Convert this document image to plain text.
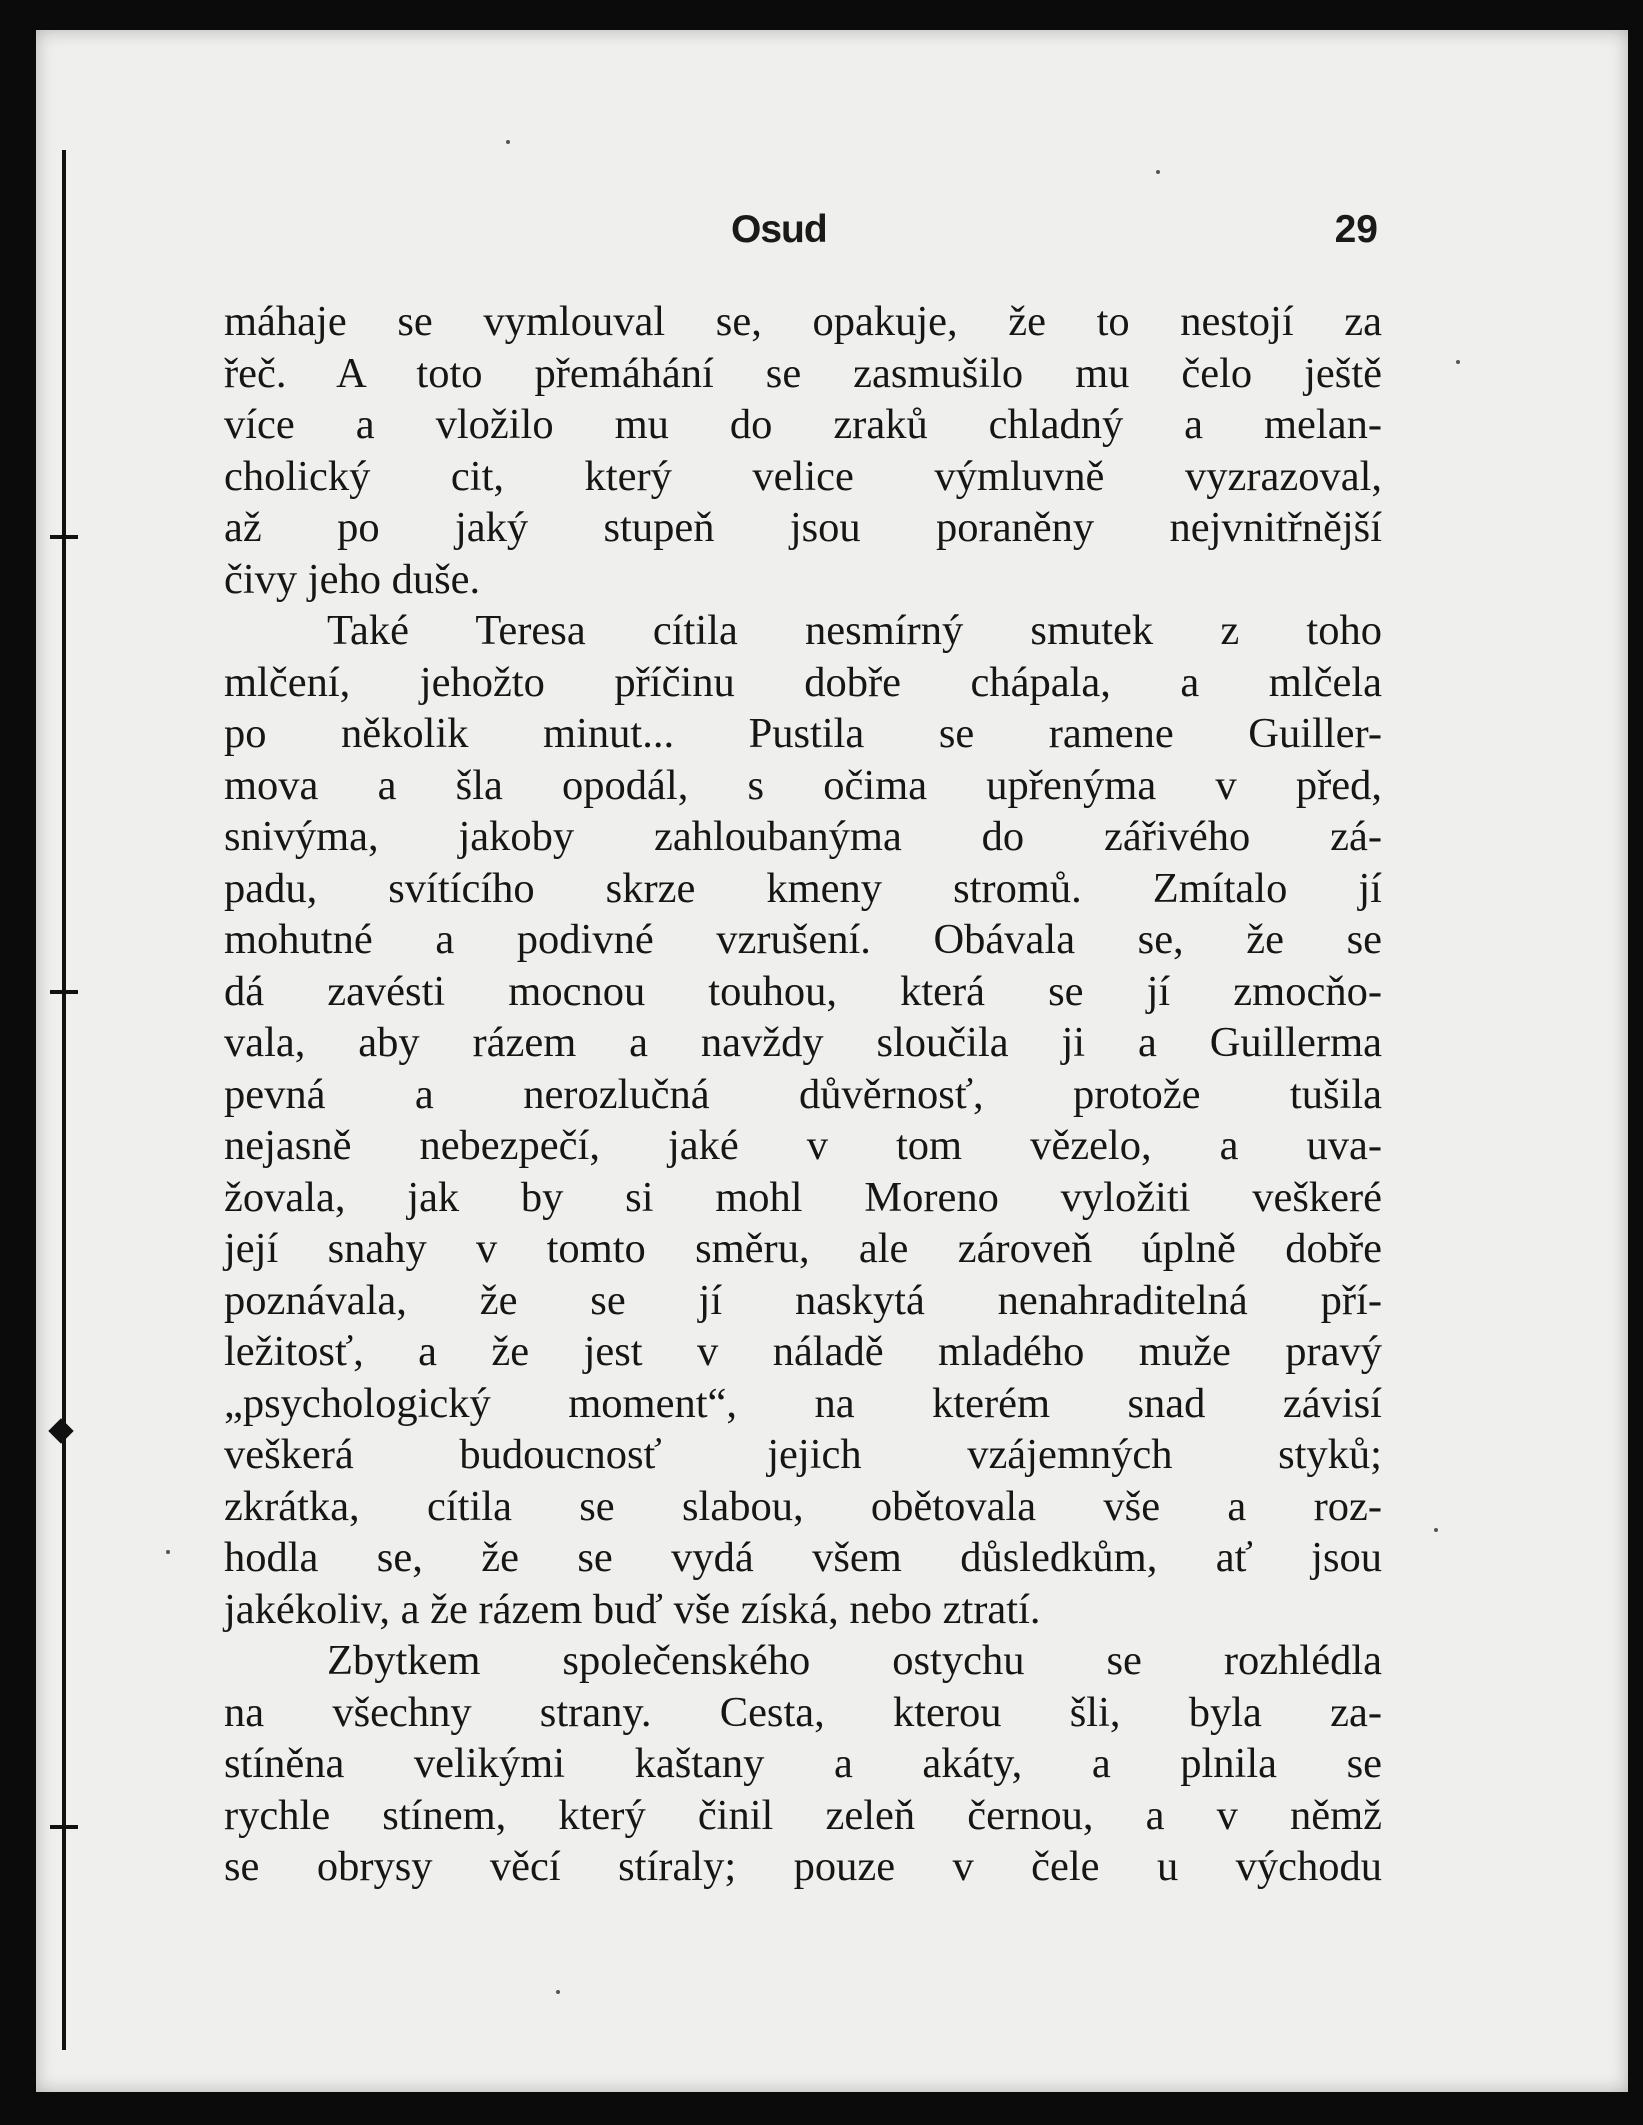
Osud	29
máhaje se vymlouval se, opakuje, že to nestojí za
řeč. A toto přemáhání se zasmušilo mu čelo ještě
více a vložilo mu do zraků chladný a melan-
cholický cit, který velice výmluvně vyzrazoval,
až po jaký stupeň jsou poraněny nejvnitřnější
čivy jeho duše.
Také Teresa cítila nesmírný smutek z toho
mlčení, jehožto příčinu dobře chápala, a mlčela
po několik minut... Pustila se ramene Guiller-
mova a šla opodál, s očima upřenýma v před,
snivýma, jakoby zahloubanýma do zářivého zá-
padu, svítícího skrze kmeny stromů. Zmítalo jí
mohutné a podivné vzrušení. Obávala se, že se
dá zavésti mocnou touhou, která se jí zmocňo-
vala, aby rázem a navždy sloučila ji a Guillerma
pevná a nerozlučná důvěrnosť, protože tušila
nejasně nebezpečí, jaké v tom vězelo, a uva-
žovala, jak by si mohl Moreno vyložiti veškeré
její snahy v tomto směru, ale zároveň úplně dobře
poznávala, že se jí naskytá nenahraditelná pří-
ležitosť, a že jest v náladě mladého muže pravý
„psychologický moment“, na kterém snad závisí
veškerá budoucnosť jejich vzájemných styků;
zkrátka, cítila se slabou, obětovala vše a roz-
hodla se, že se vydá všem důsledkům, ať jsou
jakékoliv, a že rázem buď vše získá, nebo ztratí.
Zbytkem společenského ostychu se rozhlédla
na všechny strany. Cesta, kterou šli, byla za-
stíněna velikými kaštany a akáty, a plnila se
rychle stínem, který činil zeleň černou, a v němž
se obrysy věcí stíraly; pouze v čele u východu
